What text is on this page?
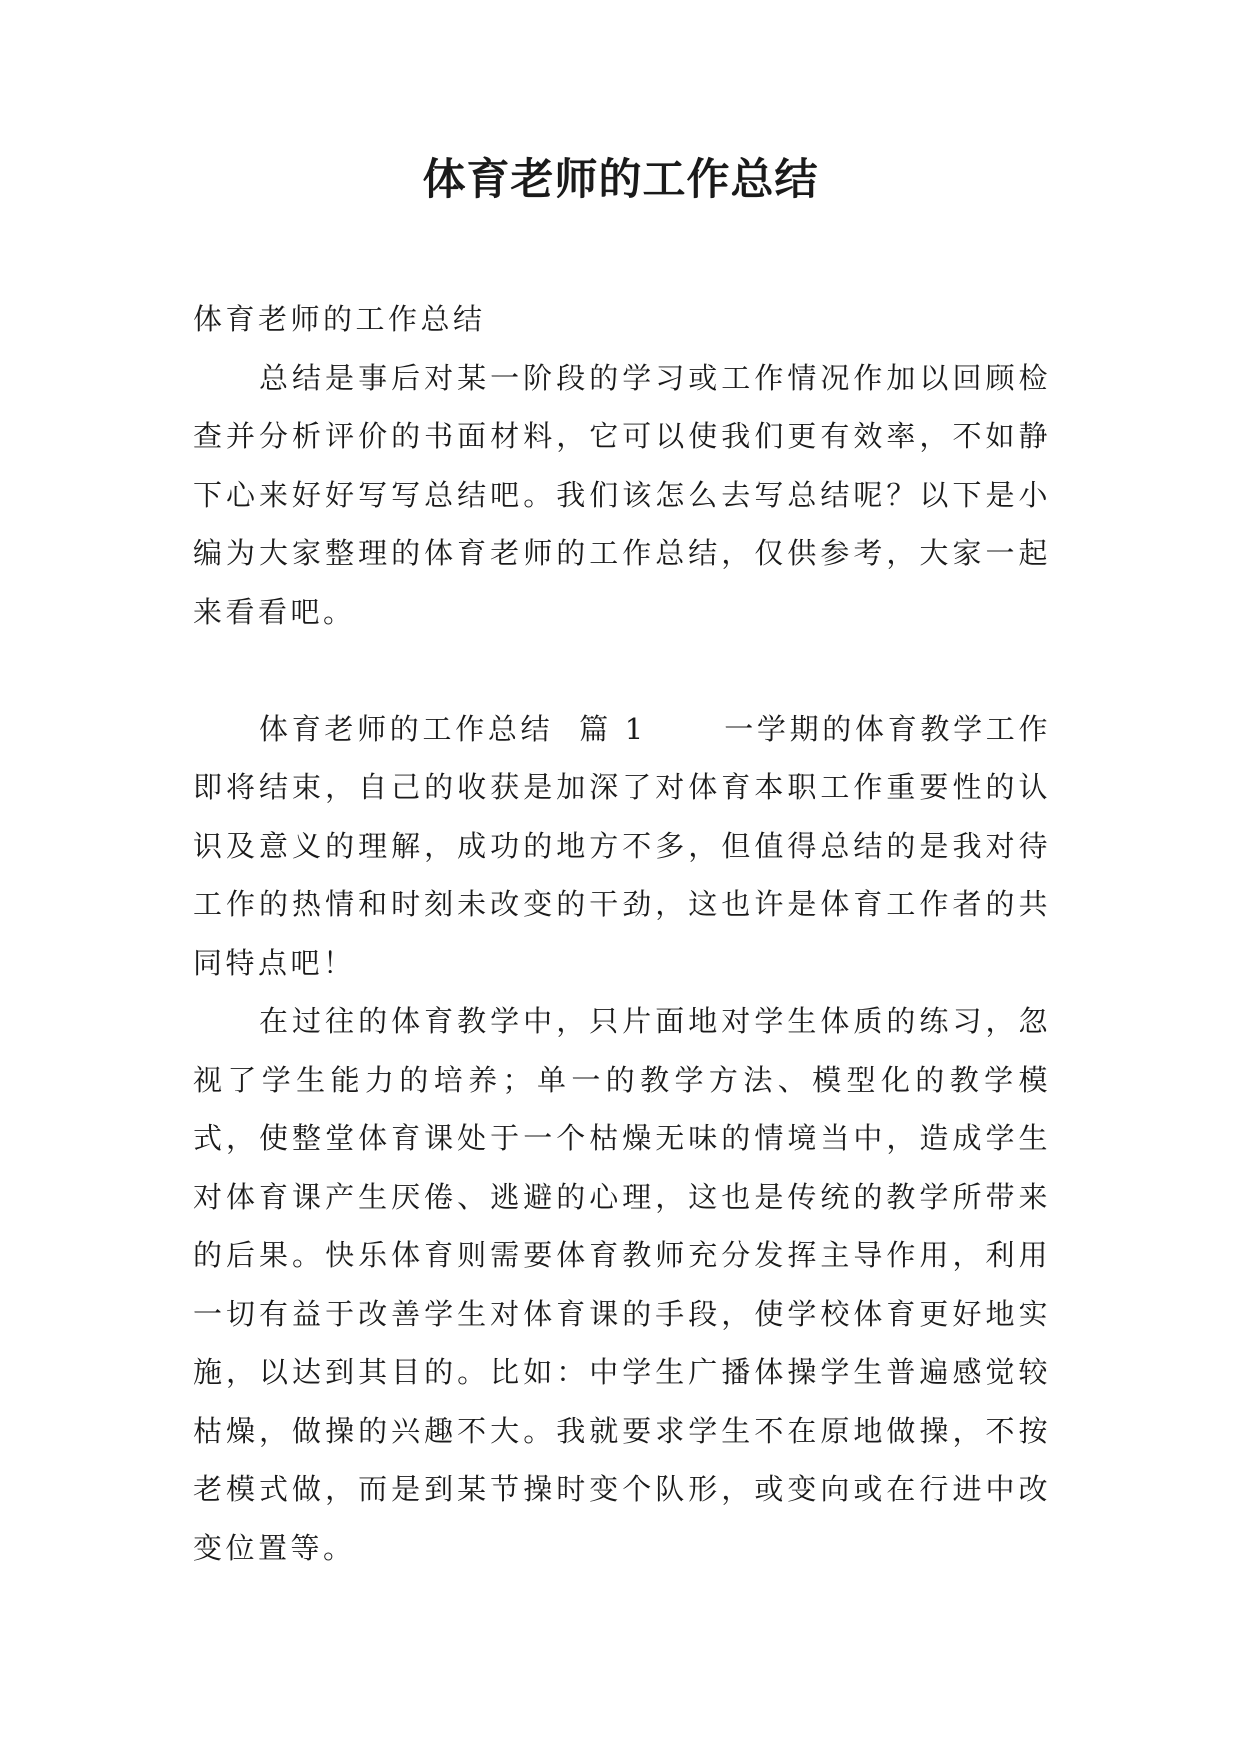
体育老师的工作总结

体育老师的工作总结

总结是事后对某一阶段的学习或工作情况作加以回顾检查并分析评价的书面材料，它可以使我们更有效率，不如静下心来好好写写总结吧。我们该怎么去写总结呢？以下是小编为大家整理的体育老师的工作总结，仅供参考，大家一起来看看吧。

体育老师的工作总结  篇 1      一学期的体育教学工作即将结束，自己的收获是加深了对体育本职工作重要性的认识及意义的理解，成功的地方不多，但值得总结的是我对待工作的热情和时刻未改变的干劲，这也许是体育工作者的共同特点吧！

在过往的体育教学中，只片面地对学生体质的练习，忽视了学生能力的培养；单一的教学方法、模型化的教学模式，使整堂体育课处于一个枯燥无味的情境当中，造成学生对体育课产生厌倦、逃避的心理，这也是传统的教学所带来的后果。快乐体育则需要体育教师充分发挥主导作用，利用一切有益于改善学生对体育课的手段，使学校体育更好地实施，以达到其目的。比如：中学生广播体操学生普遍感觉较枯燥，做操的兴趣不大。我就要求学生不在原地做操，不按老模式做，而是到某节操时变个队形，或变向或在行进中改变位置等。
